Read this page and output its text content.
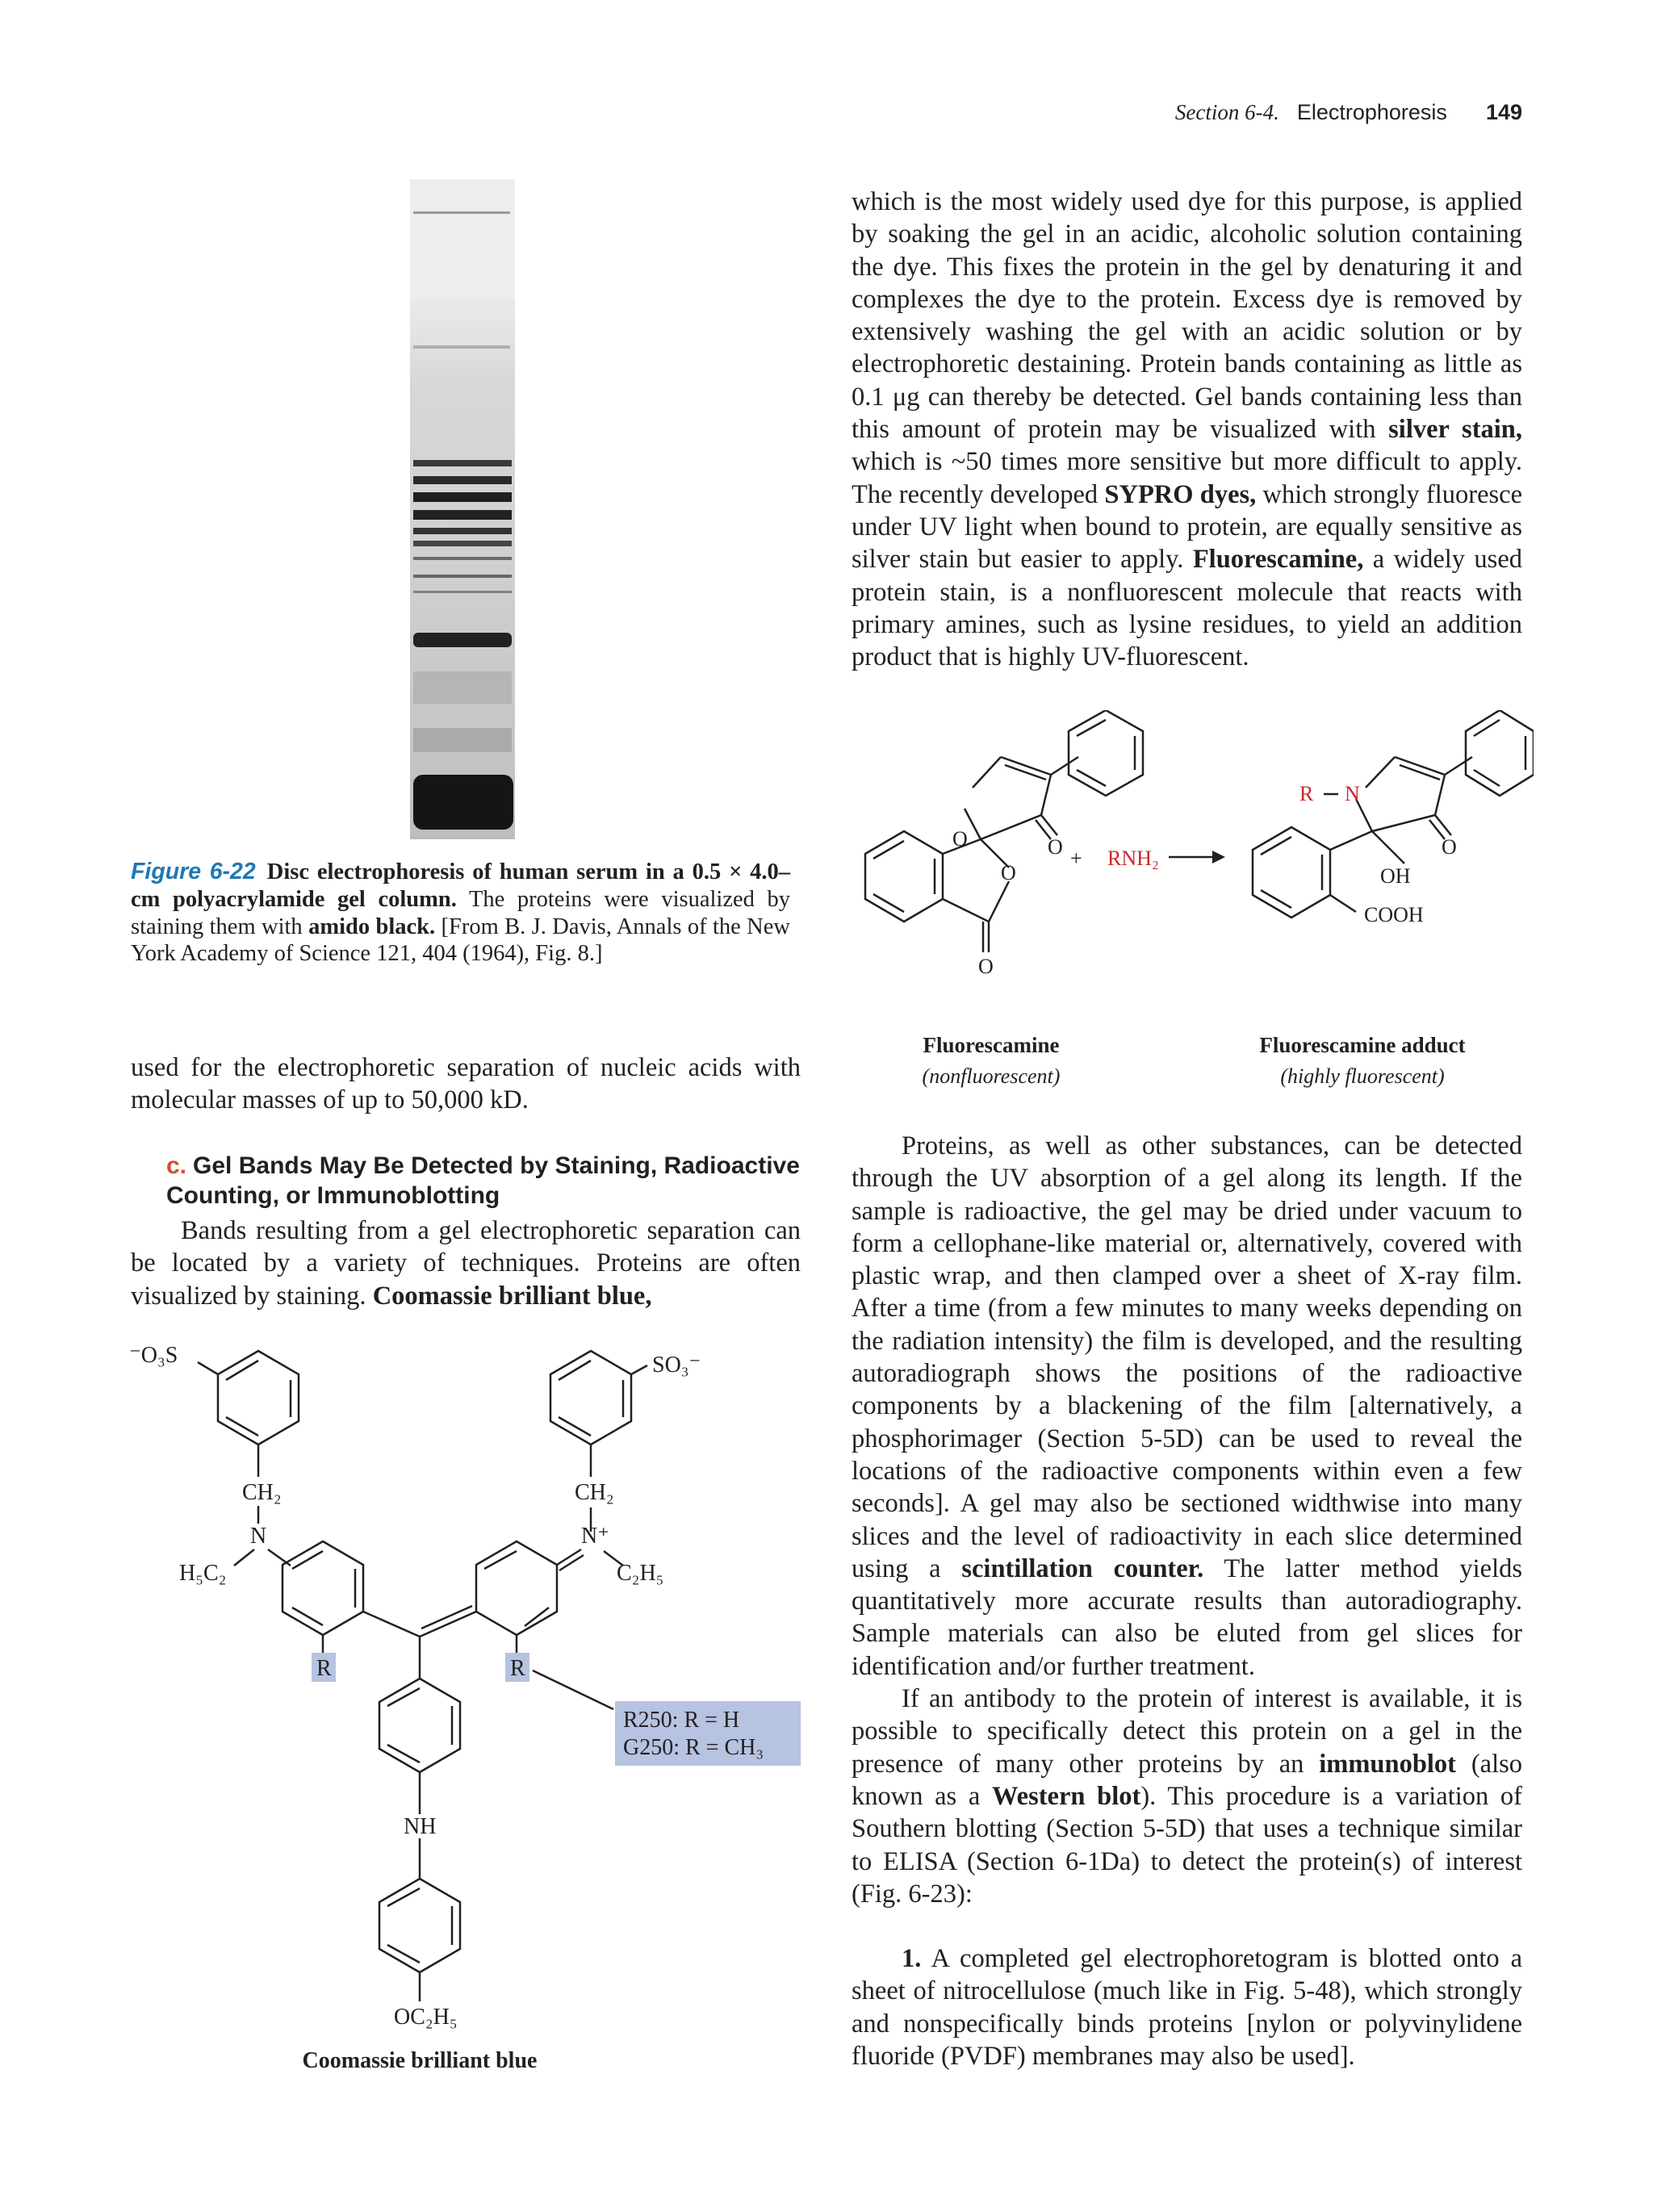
Section 6-4. Electrophoresis 149
Figure 6-22 Disc electrophoresis of human serum in a 0.5 × 4.0–cm polyacrylamide gel column. The proteins were visualized by staining them with amido black. [From B. J. Davis, Annals of the New York Academy of Science 121, 404 (1964), Fig. 8.]

used for the electrophoretic separation of nucleic acids with molecular masses of up to 50,000 kD.

c. Gel Bands May Be Detected by Staining, Radioactive Counting, or Immunoblotting

Bands resulting from a gel electrophoretic separation can be located by a variety of techniques. Proteins are often visualized by staining. Coomassie brilliant blue,

⁻O₃S	SO₃⁻
CH₂	CH₂
N	N⁺
H₅C₂	C₂H₅
R	R
R250: R = H
G250: R = CH₃
NH
OC₂H₅
Coomassie brilliant blue

which is the most widely used dye for this purpose, is applied by soaking the gel in an acidic, alcoholic solution containing the dye. This fixes the protein in the gel by denaturing it and complexes the dye to the protein. Excess dye is removed by extensively washing the gel with an acidic solution or by electrophoretic destaining. Protein bands containing as little as 0.1 μg can thereby be detected. Gel bands containing less than this amount of protein may be visualized with silver stain, which is ~50 times more sensitive but more difficult to apply. The recently developed SYPRO dyes, which strongly fluoresce under UV light when bound to protein, are equally sensitive as silver stain but easier to apply. Fluorescamine, a widely used protein stain, is a nonfluorescent molecule that reacts with primary amines, such as lysine residues, to yield an addition product that is highly UV-fluorescent.

O	O
O
O
+	O
OH
COOH
RNH₂
R N
Fluorescamine
(nonfluorescent)
Fluorescamine adduct
(highly fluorescent)

Proteins, as well as other substances, can be detected through the UV absorption of a gel along its length. If the sample is radioactive, the gel may be dried under vacuum to form a cellophane-like material or, alternatively, covered with plastic wrap, and then clamped over a sheet of X-ray film. After a time (from a few minutes to many weeks depending on the radiation intensity) the film is developed, and the resulting autoradiograph shows the positions of the radioactive components by a blackening of the film [alternatively, a phosphorimager (Section 5-5D) can be used to reveal the locations of the radioactive components within even a few seconds]. A gel may also be sectioned widthwise into many slices and the level of radioactivity in each slice determined using a scintillation counter. The latter method yields quantitatively more accurate results than autoradiography. Sample materials can also be eluted from gel slices for identification and/or further treatment.

If an antibody to the protein of interest is available, it is possible to specifically detect this protein on a gel in the presence of many other proteins by an immunoblot (also known as a Western blot). This procedure is a variation of Southern blotting (Section 5-5D) that uses a technique similar to ELISA (Section 6-1Da) to detect the protein(s) of interest (Fig. 6-23):

1. A completed gel electrophoretogram is blotted onto a sheet of nitrocellulose (much like in Fig. 5-48), which strongly and nonspecifically binds proteins [nylon or polyvinylidene fluoride (PVDF) membranes may also be used].
